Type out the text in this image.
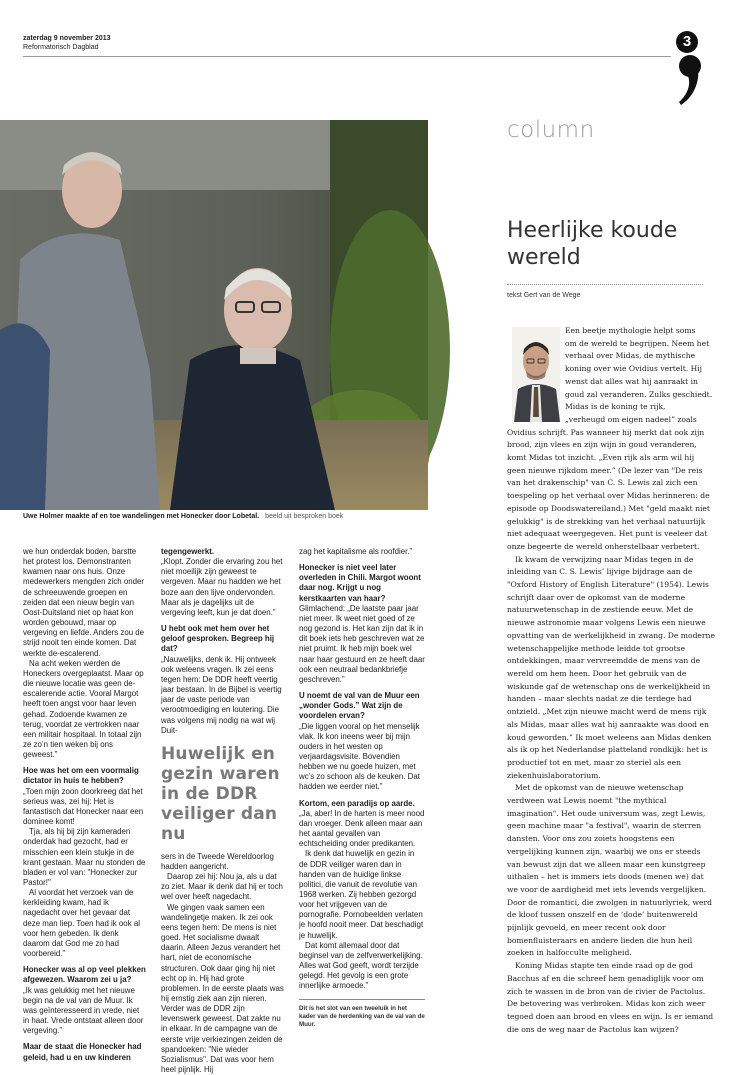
zaterdag 9 november 2013
Reformatorisch Dagblad	3
Uwe Holmer maakte af en toe wandelingen met Honecker door Lobetal. beeld uit besproken boek

we hun onderdak boden, barstte het protest los. Demonstranten kwamen naar ons huis. Onze medewerkers mengden zich onder de schreeuwende groepen en zeiden dat een nieuw begin van Oost-Duitsland niet op haat kon worden gebouwd, maar op vergeving en liefde. Anders zou de strijd nooit ten einde komen. Dat werkte de-escalerend.

Na acht weken werden de Honeckers overgeplaatst. Maar op die nieuwe locatie was geen de-escalerende actie. Vooral Margot heeft toen angst voor haar leven gehad. Zodoende kwamen ze terug, voordat ze vertrokken naar een militair hospitaal. In totaal zijn ze zo’n tien weken bij ons geweest.”

Hoe was het om een voormalig dictator in huis te hebben?

„Toen mijn zoon doorkreeg dat het serieus was, zei hij: Het is fantastisch dat Honecker naar een dominee komt!

Tja, als hij bij zijn kameraden onderdak had gezocht, had er misschien een klein stukje in de krant gestaan. Maar nu stonden de bladen er vol van: "Honecker zur Pastor!"

Al voordat het verzoek van de kerkleiding kwam, had ik nagedacht over het gevaar dat deze man liep. Toen had ik ook al voor hem gebeden. Ik denk daarom dat God me zo had voorbereid.”

Honecker was al op veel plekken afgewezen. Waarom zei u ja?

„Ik was gelukkig met het nieuwe begin na de val van de Muur. Ik was geïnteresseerd in vrede, niet in haat. Vrede ontstaat alleen door vergeving.”

Maar de staat die Honecker had geleid, had u en uw kinderen

tegengewerkt.

„Klopt. Zonder die ervaring zou het niet moeilijk zijn geweest te vergeven. Maar nu hadden we het boze aan den lijve ondervonden. Maar als je dagelijks uit de vergeving leeft, kun je dat doen.”

U hebt ook met hem over het geloof gesproken. Begreep hij dat?

„Nauwelijks, denk ik. Hij ontweek ook weleens vragen. Ik zei eens tegen hem: De DDR heeft veertig jaar bestaan. In de Bijbel is veertig jaar de vaste periode van verootmoediging en loutering. Die was volgens mij nodig na wat wij Duit-

Huwelijk en gezin waren in de DDR veiliger dan nu

sers in de Tweede Wereldoorlog hadden aangericht.

Daarop zei hij: Nou ja, als u dat zo ziet. Maar ik denk dat hij er toch wel over heeft nagedacht.

We gingen vaak samen een wandelingetje maken. Ik zei ook eens tegen hem: De mens is niet goed. Het socialisme dwaalt daarin. Alleen Jezus verandert het hart, niet de economische structuren. Ook daar ging hij niet echt op in. Hij had grote problemen. In de eerste plaats was hij ernstig ziek aan zijn nieren. Verder was de DDR zijn levenswerk geweest. Dat zakte nu in elkaar. In de campagne van de eerste vrije verkiezingen zeiden de spandoeken: "Nie wieder Sozialismus". Dat was voor hem heel pijnlijk. Hij

zag het kapitalisme als roofdier.”

Honecker is niet veel later overleden in Chili. Margot woont daar nog. Krijgt u nog kerstkaarten van haar?

Glimlachend: „De laatste paar jaar niet meer. Ik weet niet goed of ze nog gezond is. Het kan zijn dat ik in dit boek iets heb geschreven wat ze niet pruimt. Ik heb mijn boek wel naar haar gestuurd en ze heeft daar ook een neutraal bedankbriefje geschreven.”

U noemt de val van de Muur een „wonder Gods.” Wat zijn de voordelen ervan?

„Die liggen vooral op het menselijk vlak. Ik kon ineens weer bij mijn ouders in het westen op verjaardagsvisite. Bovendien hebben we nu goede huizen, met wc’s zo schoon als de keuken. Dat hadden we eerder niet.”

Kortom, een paradijs op aarde.

„Ja, aber! In de harten is meer nood dan vroeger. Denk alleen maar aan het aantal gevallen van echtscheiding onder predikanten.

Ik denk dat huwelijk en gezin in de DDR veiliger waren dan in handen van de huidige linkse politici, die vanuit de revolutie van 1968 werken. Zij hebben gezorgd voor het vrijgeven van de pornografie. Pornobeelden verlaten je hoofd nooit meer. Dat beschadigt je huwelijk.

Dat komt allemaal door dat beginsel van de zelfverwerkelijking. Alles wat God geeft, wordt terzijde gelegd. Het gevolg is een grote innerlijke armoede.”

Dit is het slot van een tweeluik in het kader van de herdenking van de val van de Muur.
column
Heerlijke koude wereld
tekst Gert van de Wege
Een beetje mythologie helpt soms
om de wereld te begrijpen. Neem het
verhaal over Midas, de mythische
koning over wie Ovidius vertelt. Hij
wenst dat alles wat hij aanraakt in
goud zal veranderen. Zulks geschiedt.
Midas is de koning te rijk,
„verheugd om eigen nadeel” zoals

Ovidius schrijft. Pas wanneer hij merkt dat ook zijn brood, zijn vlees en zijn wijn in goud veranderen, komt Midas tot inzicht. „Even rijk als arm wil hij geen nieuwe rijkdom meer.” (De lezer van "De reis van het drakenschip" van C. S. Lewis zal zich een toespeling op het verhaal over Midas herinneren: de episode op Doodswatereiland.) Met "geld maakt niet gelukkig" is de strekking van het verhaal natuurlijk niet adequaat weergegeven. Het punt is veeleer dat onze begeerte de wereld onherstelbaar verbetert.

Ik kwam de verwijzing naar Midas tegen in de inleiding van C. S. Lewis’ lijvige bijdrage aan de "Oxford History of English Literature" (1954). Lewis schrijft daar over de opkomst van de moderne natuurwetenschap in de zestiende eeuw. Met de nieuwe astronomie maar volgens Lewis een nieuwe opvatting van de werkelijkheid in zwang. De moderne wetenschappelijke methode leidde tot grootse ontdekkingen, maar vervreemdde de mens van de wereld om hem heen. Door het gebruik van de wiskunde gaf de wetenschap ons de werkelijkheid in handen – maar slechts nadat ze die terdege had ontzield. „Met zijn nieuwe macht werd de mens rijk als Midas, maar alles wat hij aanraakte was dood en koud geworden.” Ik moet weleens aan Midas denken als ik op het Nederlandse platteland rondkijk: het is productief tot en met, maar zo steriel als een ziekenhuislaboratorium.

Met de opkomst van de nieuwe wetenschap verdween wat Lewis noemt "the mythical imagination". Het oude universum was, zegt Lewis, geen machine maar "a festival", waarin de sterren dansten. Voor ons zou zoiets hoogstens een vergelijking kunnen zijn, waarbij we ons er steeds van bewust zijn dat we alleen maar een kunstgreep uithalen – het is immers iets doods (menen we) dat we voor de aardigheid met iets levends vergelijken. Door de romantici, die zwolgen in natuurlyriek, werd de kloof tussen onszelf en de ‘dode’ buitenwereld pijnlijk gevoeld, en meer recent ook door bomenfluisteraars en andere lieden die hun heil zoeken in halfocculte meligheid.

Koning Midas stapte ten einde raad op de god Bacchus af en die schreef hem genadiglijk voor om zich te wassen in de bron van de rivier de Pactolus. De betovering was verbroken. Midas kon zich weer tegoed doen aan brood en vlees en wijn. Is er iemand die ons de weg naar de Pactolus kan wijzen?
